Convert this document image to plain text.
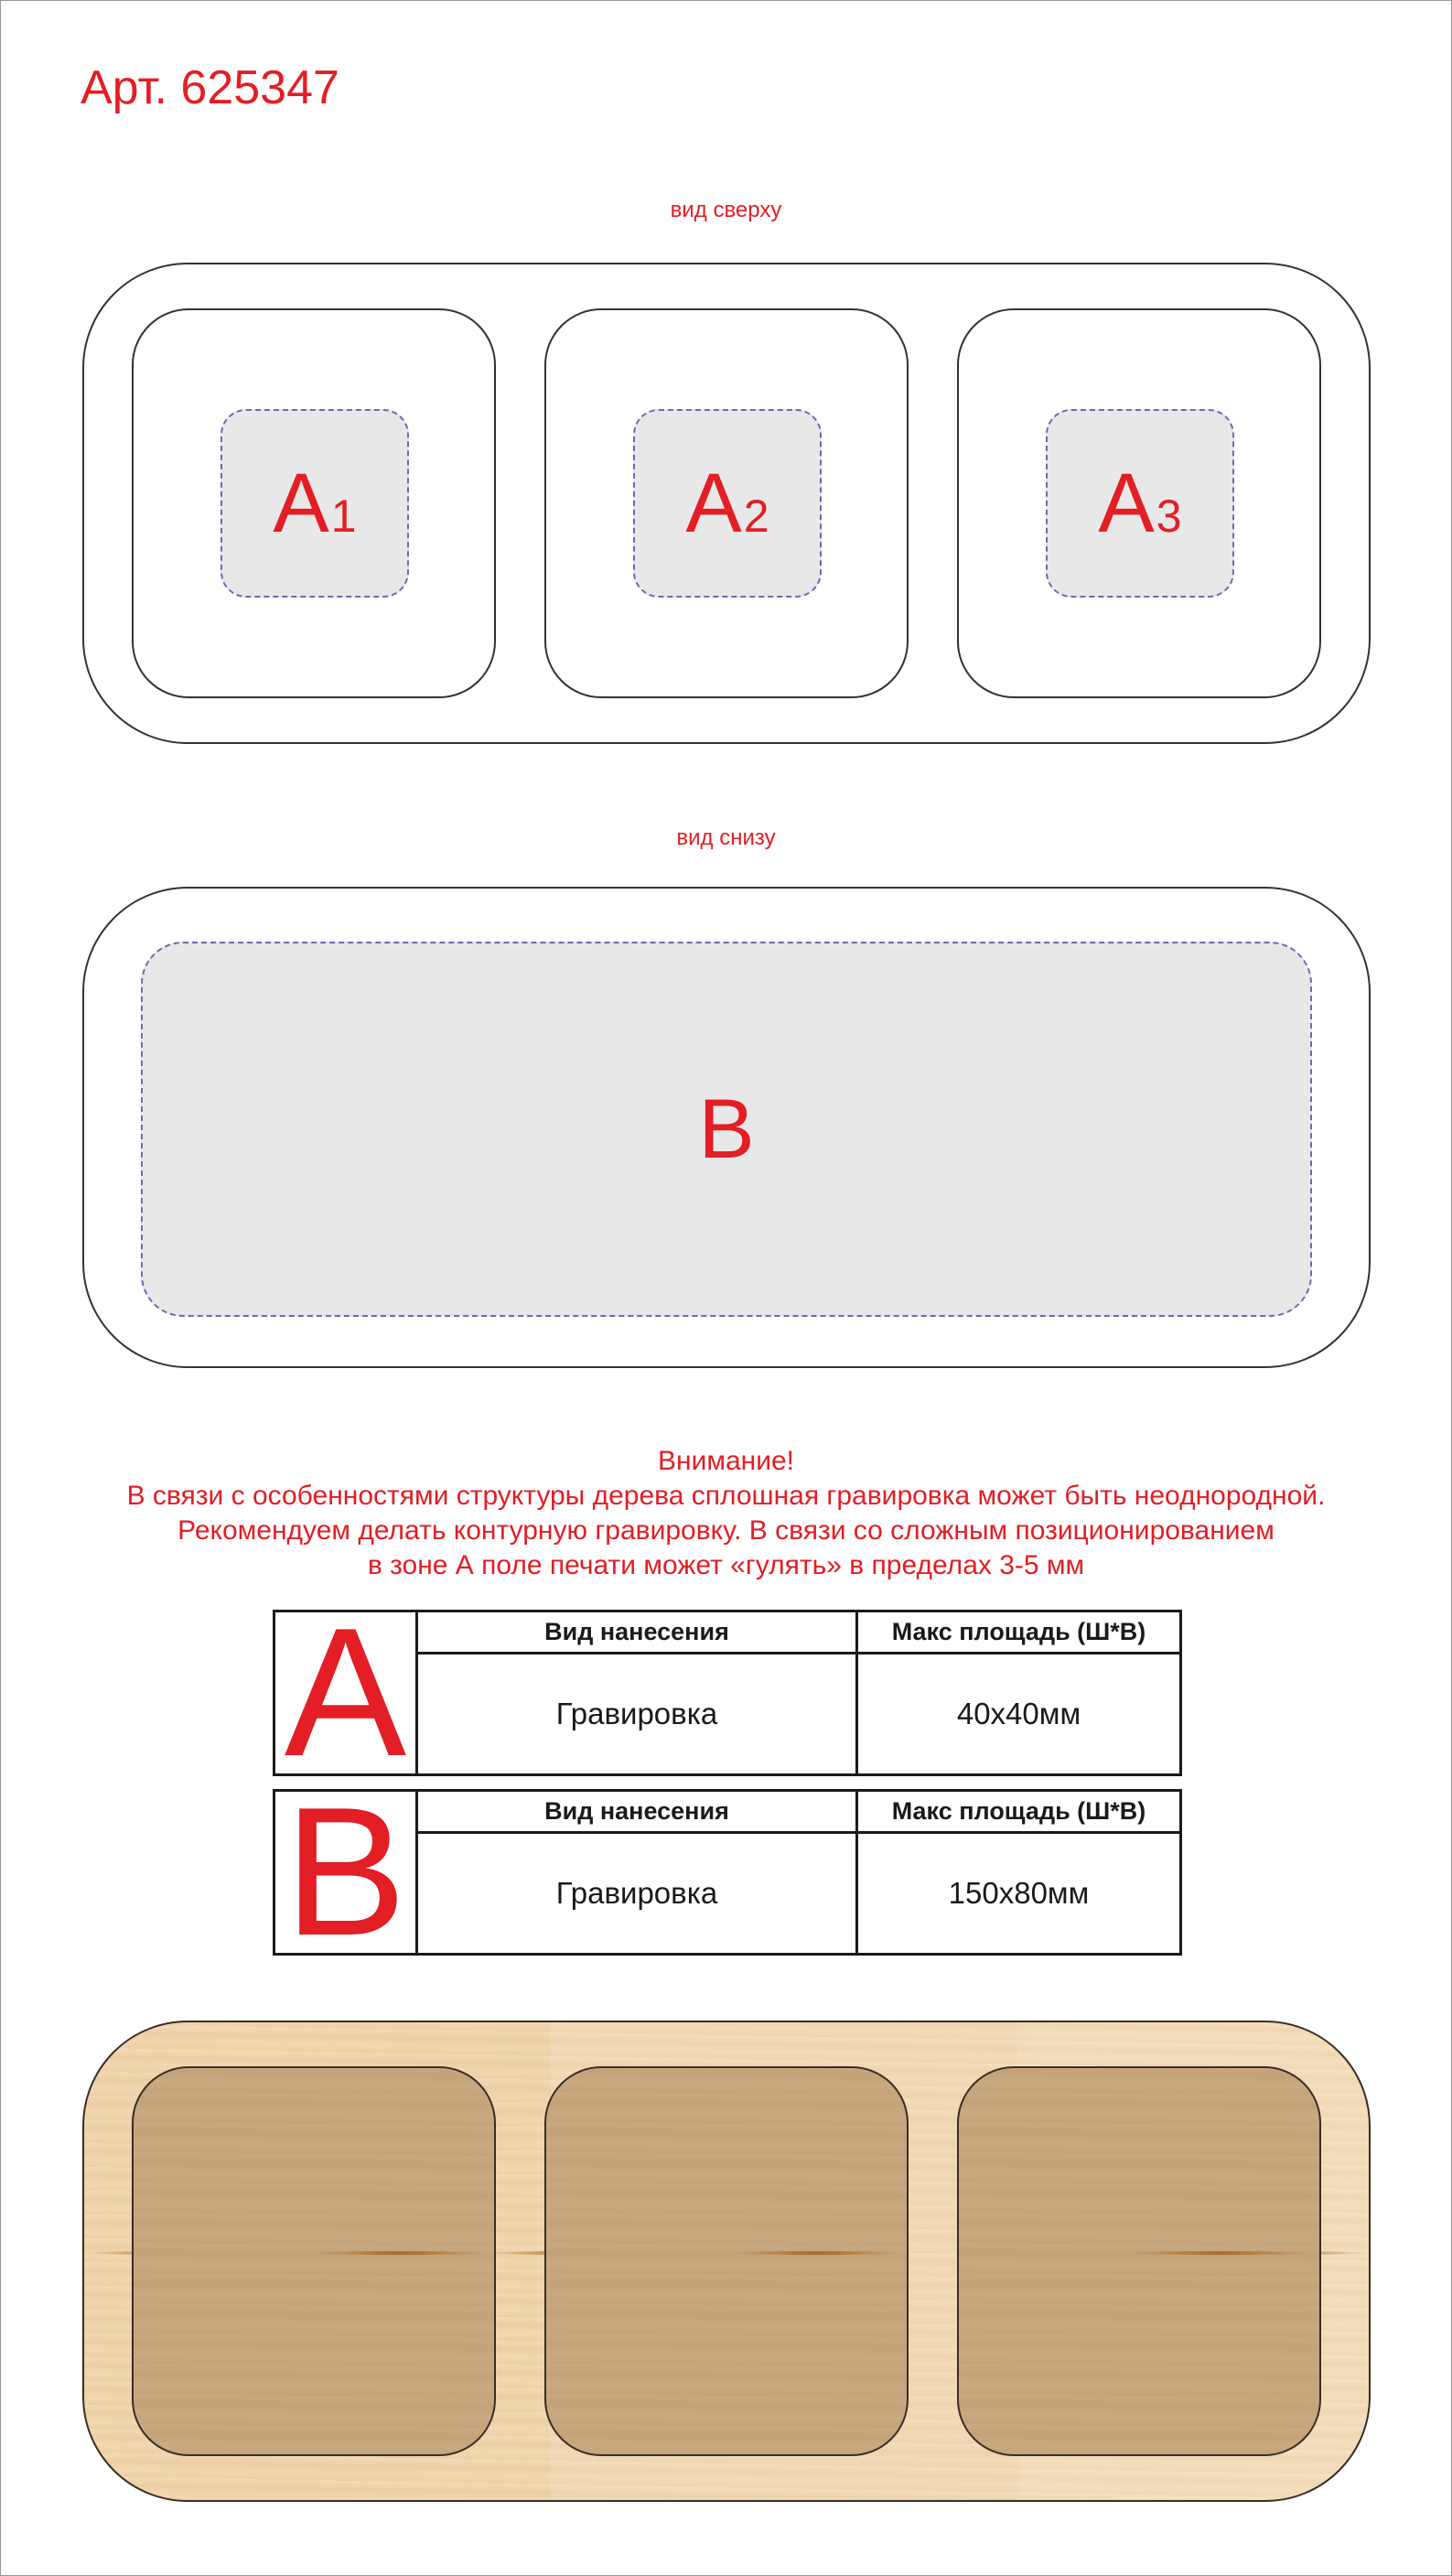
Арт. 625347
вид сверху
A 1	A 2	A 3
вид снизу
B
Внимание!
В связи с особенностями структуры дерева сплошная гравировка может быть неоднородной.
Рекомендуем делать контурную гравировку. В связи со сложным позиционированием
в зоне А поле печати может «гулять» в пределах 3-5 мм
A	Вид нанесения	Макс площадь (Ш*В)
Гравировка	40х40мм
B	Вид нанесения	Макс площадь (Ш*В)
Гравировка	150х80мм
